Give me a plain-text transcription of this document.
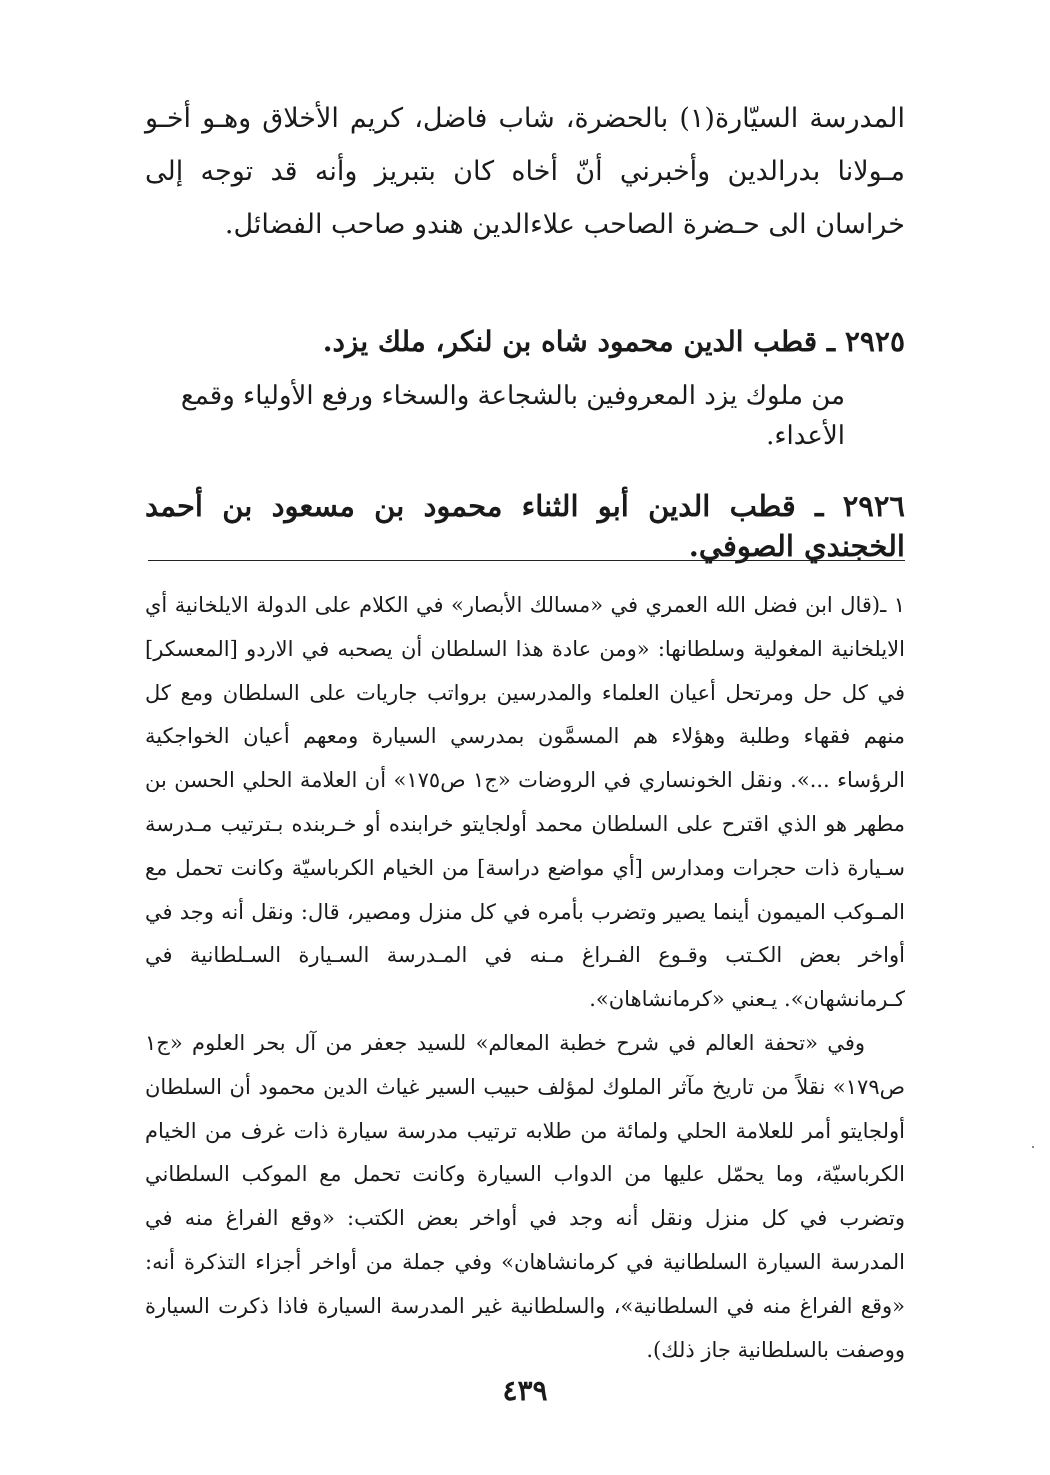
المدرسة السيّارة(١) بالحضرة، شاب فاضل، كريم الأخلاق وهـو أخـو مـولانا بدرالدين وأخبرني أنّ أخاه كان بتبريز وأنه قد توجه إلى خراسان الى حـضرة الصاحب علاءالدين هندو صاحب الفضائل.

٢٩٢٥ ـ قطب الدين محمود شاه بن لنكر، ملك يزد.

من ملوك يزد المعروفين بالشجاعة والسخاء ورفع الأولياء وقمع الأعداء.

٢٩٢٦ ـ قطب الدين أبو الثناء محمود بن مسعود بن أحمد الخجندي الصوفي.

١ ـ(قال ابن فضل الله العمري في «مسالك الأبصار» في الكلام على الدولة الايلخانية أي الايلخانية المغولية وسلطانها: «ومن عادة هذا السلطان أن يصحبه في الاردو [المعسكر] في كل حل ومرتحل أعيان العلماء والمدرسين برواتب جاريات على السلطان ومع كل منهم فقهاء وطلبة وهؤلاء هم المسمَّون بمدرسي السيارة ومعهم أعيان الخواجكية الرؤساء ...». ونقل الخونساري في الروضات «ج١ ص١٧٥» أن العلامة الحلي الحسن بن مطهر هو الذي اقترح على السلطان محمد أولجايتو خرابنده أو خـربنده بـترتيب مـدرسة سـيارة ذات حجرات ومدارس [أي مواضع دراسة] من الخيام الكرباسيّة وكانت تحمل مع المـوكب الميمون أينما يصير وتضرب بأمره في كل منزل ومصير، قال: ونقل أنه وجد في أواخر بعض الكـتب وقـوع الفـراغ مـنه في المـدرسة السـيارة السـلطانية في كـرمانشهان». يـعني «كرمانشاهان».

وفي «تحفة العالم في شرح خطبة المعالم» للسيد جعفر من آل بحر العلوم «ج١ ص١٧٩» نقلاً من تاريخ مآثر الملوك لمؤلف حبيب السير غياث الدين محمود أن السلطان أولجايتو أمر للعلامة الحلي ولمائة من طلابه ترتيب مدرسة سيارة ذات غرف من الخيام الكرباسيّة، وما يحمّل عليها من الدواب السيارة وكانت تحمل مع الموكب السلطاني وتضرب في كل منزل ونقل أنه وجد في أواخر بعض الكتب: «وقع الفراغ منه في المدرسة السيارة السلطانية في كرمانشاهان» وفي جملة من أواخر أجزاء التذكرة أنه: «وقع الفراغ منه في السلطانية»، والسلطانية غير المدرسة السيارة فاذا ذكرت السيارة ووصفت بالسلطانية جاز ذلك).

٤٣٩
